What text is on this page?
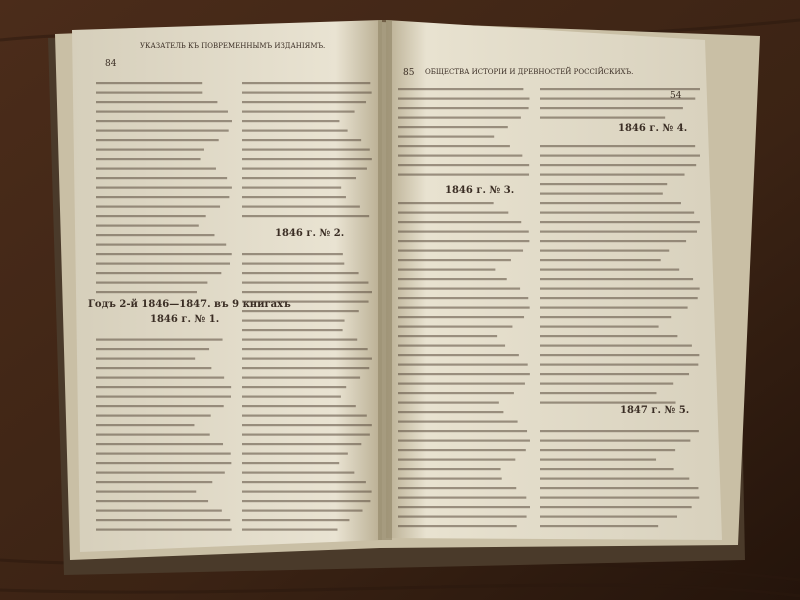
УКАЗАТЕЛЬ КЪ ПОВРЕМЕННЫМЪ ИЗДАНІЯМЪ.
84
ОБЩЕСТВА ИСТОРІИ И ДРЕВНОСТЕЙ РОССІЙСКИХЪ.
85
54
Годъ 2-й 1846—1847. въ 9 книгахъ
1846 г. № 1.
1846 г. № 2.
1846 г. № 3.
1846 г. № 4.
1847 г. № 5.
